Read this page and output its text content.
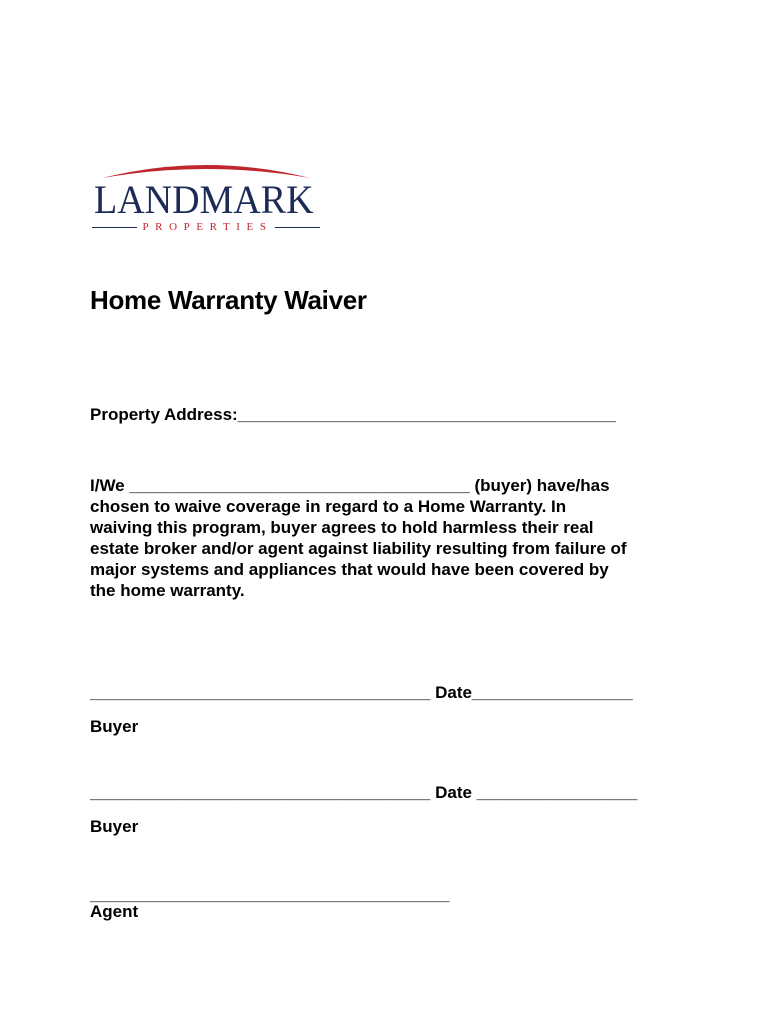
LANDMARK
PROPERTIES
Home Warranty Waiver
Property Address:________________________________________
I/We ____________________________________ (buyer) have/has
chosen to waive coverage in regard to a Home Warranty. In
waiving this program, buyer agrees to hold harmless their real
estate broker and/or agent against liability resulting from failure of
major systems and appliances that would have been covered by
the home warranty.
____________________________________ Date_________________
Buyer
____________________________________ Date _________________
Buyer
______________________________________
Agent
